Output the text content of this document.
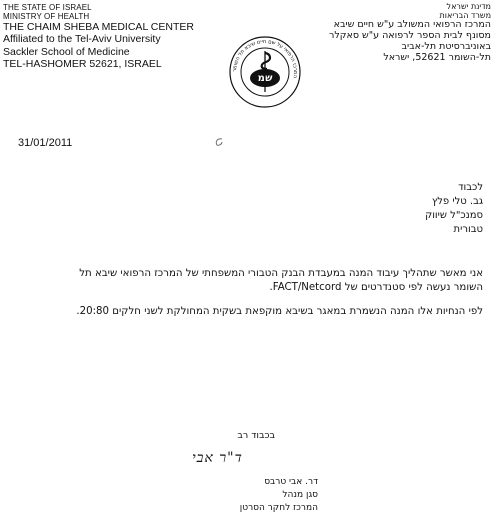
THE STATE OF ISRAEL
MINISTRY OF HEALTH
THE CHAIM SHEBA MEDICAL CENTER
Affiliated to the Tel-Aviv University
Sackler School of Medicine
TEL-HASHOMER 52621, ISRAEL
מדינת ישראל
משרד הבריאות
המרכז הרפואי המשולב ע"ש חיים שיבא
מסונף לבית הספר לרפואה ע"ש סאקלר
באוניברסיטת תל-אביב
תל-השומר 52621, ישראל
המרכז הרפואי על שם חיים שיבא תל השומר
שמ
31/01/2011
לכבוד
גב. טלי פלץ
סמנכ"ל שיווק
טבורית
אני מאשר שתהליך עיבוד המנה במעבדת הבנק הטבורי המשפחתי של המרכז הרפואי שיבא תל
השומר נעשה לפי סטנדרטים של FACT/Netcord.
לפי הנחיות אלו המנה הנשמרת במאגר בשיבא מוקפאת בשקית המחולקת לשני חלקים 20:80.
בכבוד רב
ד"ר אבי
דר. אבי טרבס
סגן מנהל
המרכז לחקר הסרטן
